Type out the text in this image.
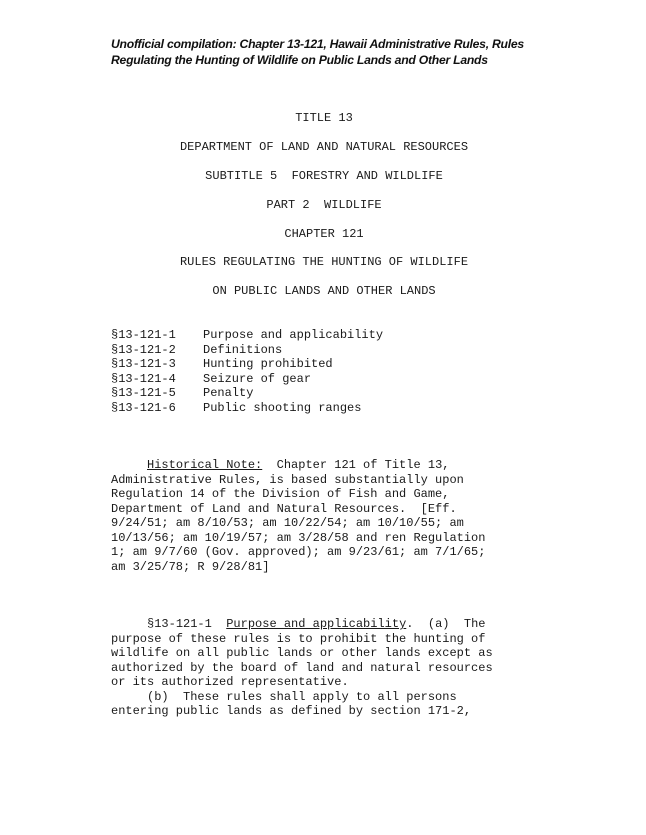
Unofficial compilation: Chapter 13-121, Hawaii Administrative Rules, Rules
Regulating the Hunting of Wildlife on Public Lands and Other Lands
TITLE 13
DEPARTMENT OF LAND AND NATURAL RESOURCES
SUBTITLE 5  FORESTRY AND WILDLIFE
PART 2  WILDLIFE
CHAPTER 121
RULES REGULATING THE HUNTING OF WILDLIFE
ON PUBLIC LANDS AND OTHER LANDS
§13-121-1	Purpose and applicability
§13-121-2	Definitions
§13-121-3	Hunting prohibited
§13-121-4	Seizure of gear
§13-121-5	Penalty
§13-121-6	Public shooting ranges
Historical Note:  Chapter 121 of Title 13,
Administrative Rules, is based substantially upon
Regulation 14 of the Division of Fish and Game,
Department of Land and Natural Resources.  [Eff.
9/24/51; am 8/10/53; am 10/22/54; am 10/10/55; am
10/13/56; am 10/19/57; am 3/28/58 and ren Regulation
1; am 9/7/60 (Gov. approved); am 9/23/61; am 7/1/65;
am 3/25/78; R 9/28/81]
§13-121-1  Purpose and applicability.  (a)  The
purpose of these rules is to prohibit the hunting of
wildlife on all public lands or other lands except as
authorized by the board of land and natural resources
or its authorized representative.
(b)  These rules shall apply to all persons
entering public lands as defined by section 171-2,
